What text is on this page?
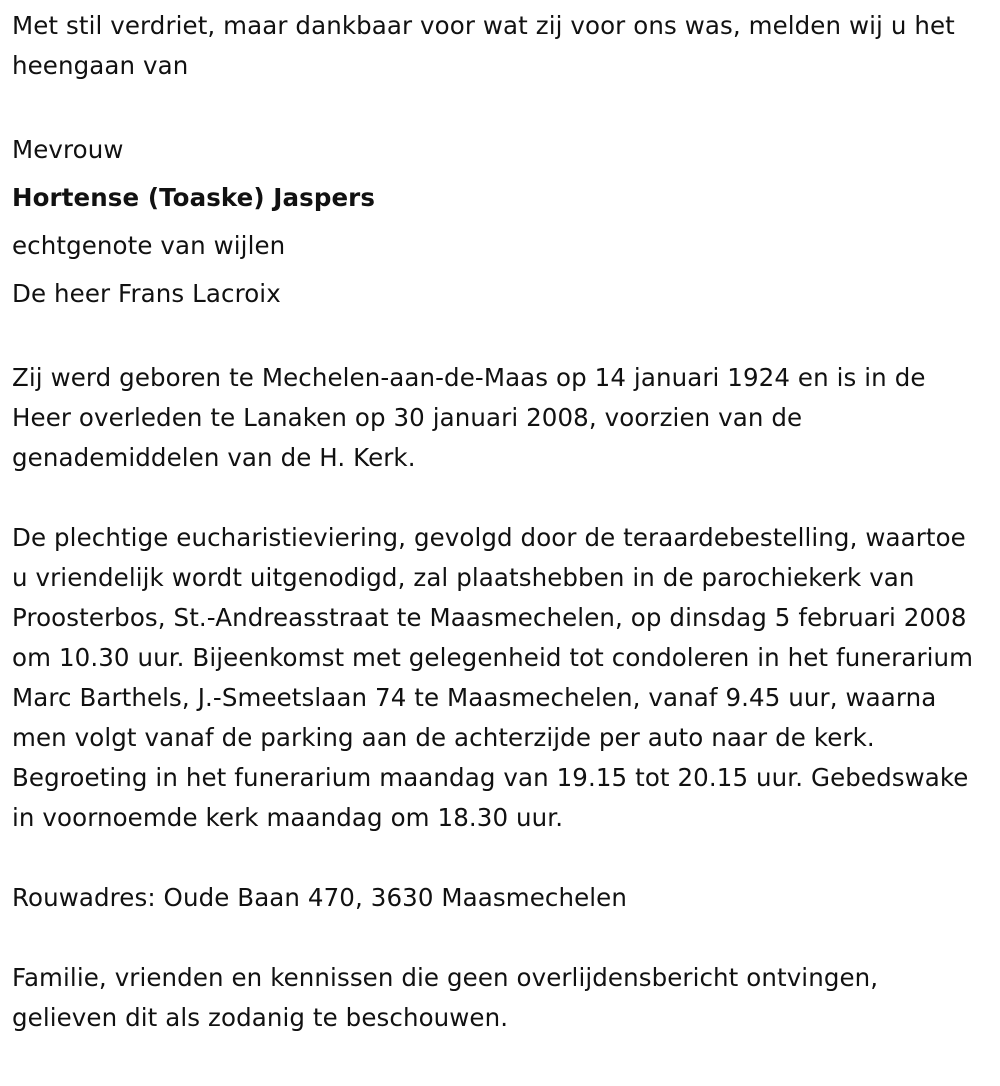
Met stil verdriet, maar dankbaar voor wat zij voor ons was, melden wij u het heengaan van

Mevrouw

Hortense (Toaske) Jaspers

echtgenote van wijlen

De heer Frans Lacroix

Zij werd geboren te Mechelen-aan-de-Maas op 14 januari 1924 en is in de Heer overleden te Lanaken op 30 januari 2008, voorzien van de genademiddelen van de H. Kerk.

De plechtige eucharistieviering, gevolgd door de teraardebestelling, waartoe u vriendelijk wordt uitgenodigd, zal plaatshebben in de parochiekerk van Proosterbos, St.-Andreasstraat te Maasmechelen, op dinsdag 5 februari 2008 om 10.30 uur. Bijeenkomst met gelegenheid tot condoleren in het funerarium Marc Barthels, J.-Smeetslaan 74 te Maasmechelen, vanaf 9.45 uur, waarna men volgt vanaf de parking aan de achterzijde per auto naar de kerk. Begroeting in het funerarium maandag van 19.15 tot 20.15 uur. Gebedswake in voornoemde kerk maandag om 18.30 uur.

Rouwadres: Oude Baan 470, 3630 Maasmechelen

Familie, vrienden en kennissen die geen overlijdensbericht ontvingen, gelieven dit als zodanig te beschouwen.
